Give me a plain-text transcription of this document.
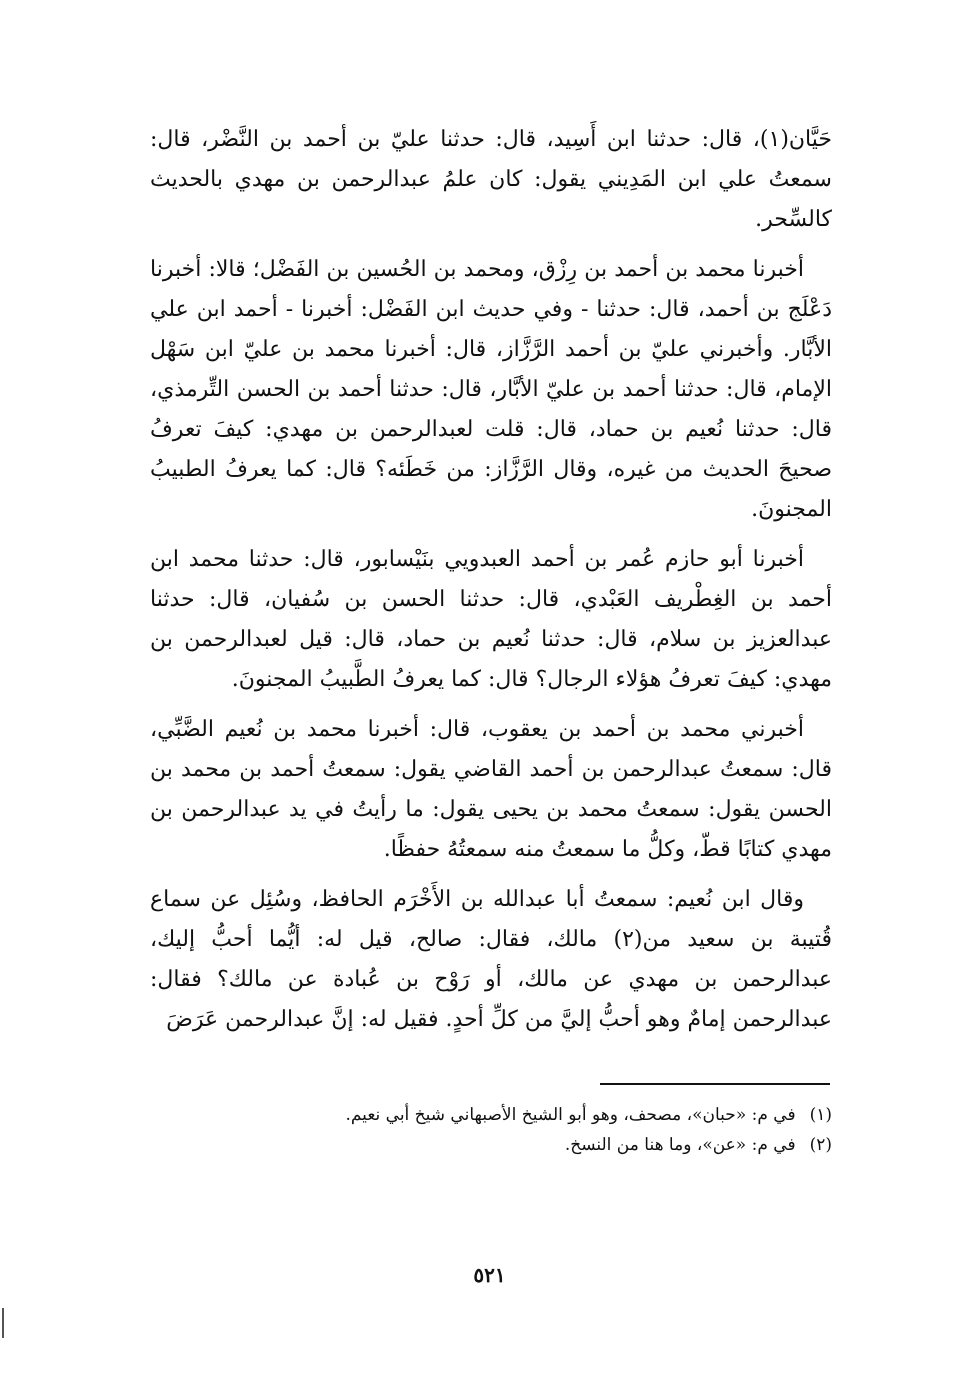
حَيَّان(١)، قال: حدثنا ابن أَسِيد، قال: حدثنا عليّ بن أحمد بن النَّضْر، قال: سمعتُ علي ابن المَدِيني يقول: كان علمُ عبدالرحمن بن مهدي بالحديث كالسِّحر.

أخبرنا محمد بن أحمد بن رِزْق، ومحمد بن الحُسين بن الفَضْل؛ قالا: أخبرنا دَعْلَج بن أحمد، قال: حدثنا - وفي حديث ابن الفَضْل: أخبرنا - أحمد ابن علي الأبَّار. وأخبرني عليّ بن أحمد الرَّزَّاز، قال: أخبرنا محمد بن عليّ ابن سَهْل الإمام، قال: حدثنا أحمد بن عليّ الأبَّار، قال: حدثنا أحمد بن الحسن التِّرمذي، قال: حدثنا نُعيم بن حماد، قال: قلت لعبدالرحمن بن مهدي: كيفَ تعرفُ صحيحَ الحديث من غيره، وقال الرَّزَّاز: من خَطَئه؟ قال: كما يعرفُ الطبيبُ المجنونَ.

أخبرنا أبو حازم عُمر بن أحمد العبدويي بنَيْسابور، قال: حدثنا محمد ابن أحمد بن الغِطْريف العَبْدي، قال: حدثنا الحسن بن سُفيان، قال: حدثنا عبدالعزيز بن سلام، قال: حدثنا نُعيم بن حماد، قال: قيل لعبدالرحمن بن مهدي: كيفَ تعرفُ هؤلاء الرجال؟ قال: كما يعرفُ الطَّبيبُ المجنونَ.

أخبرني محمد بن أحمد بن يعقوب، قال: أخبرنا محمد بن نُعيم الضَّبِّي، قال: سمعتُ عبدالرحمن بن أحمد القاضي يقول: سمعتُ أحمد بن محمد بن الحسن يقول: سمعتُ محمد بن يحيى يقول: ما رأيتُ في يد عبدالرحمن بن مهدي كتابًا قطّ، وكلُّ ما سمعتُ منه سمعتُهُ حفظًا.

وقال ابن نُعيم: سمعتُ أبا عبدالله بن الأَخْرَم الحافظ، وسُئِل عن سماع قُتيبة بن سعيد من(٢) مالك، فقال: صالح، قيل له: أيُّما أحبُّ إليك، عبدالرحمن بن مهدي عن مالك، أو رَوْح بن عُبادة عن مالك؟ فقال: عبدالرحمن إمامٌ وهو أحبُّ إليَّ من كلِّ أحدٍ. فقيل له: إنَّ عبدالرحمن عَرَضَ

(١)في م: «حبان»، مصحف، وهو أبو الشيخ الأصبهاني شيخ أبي نعيم.

(٢)في م: «عن»، وما هنا من النسخ.

٥٢١
